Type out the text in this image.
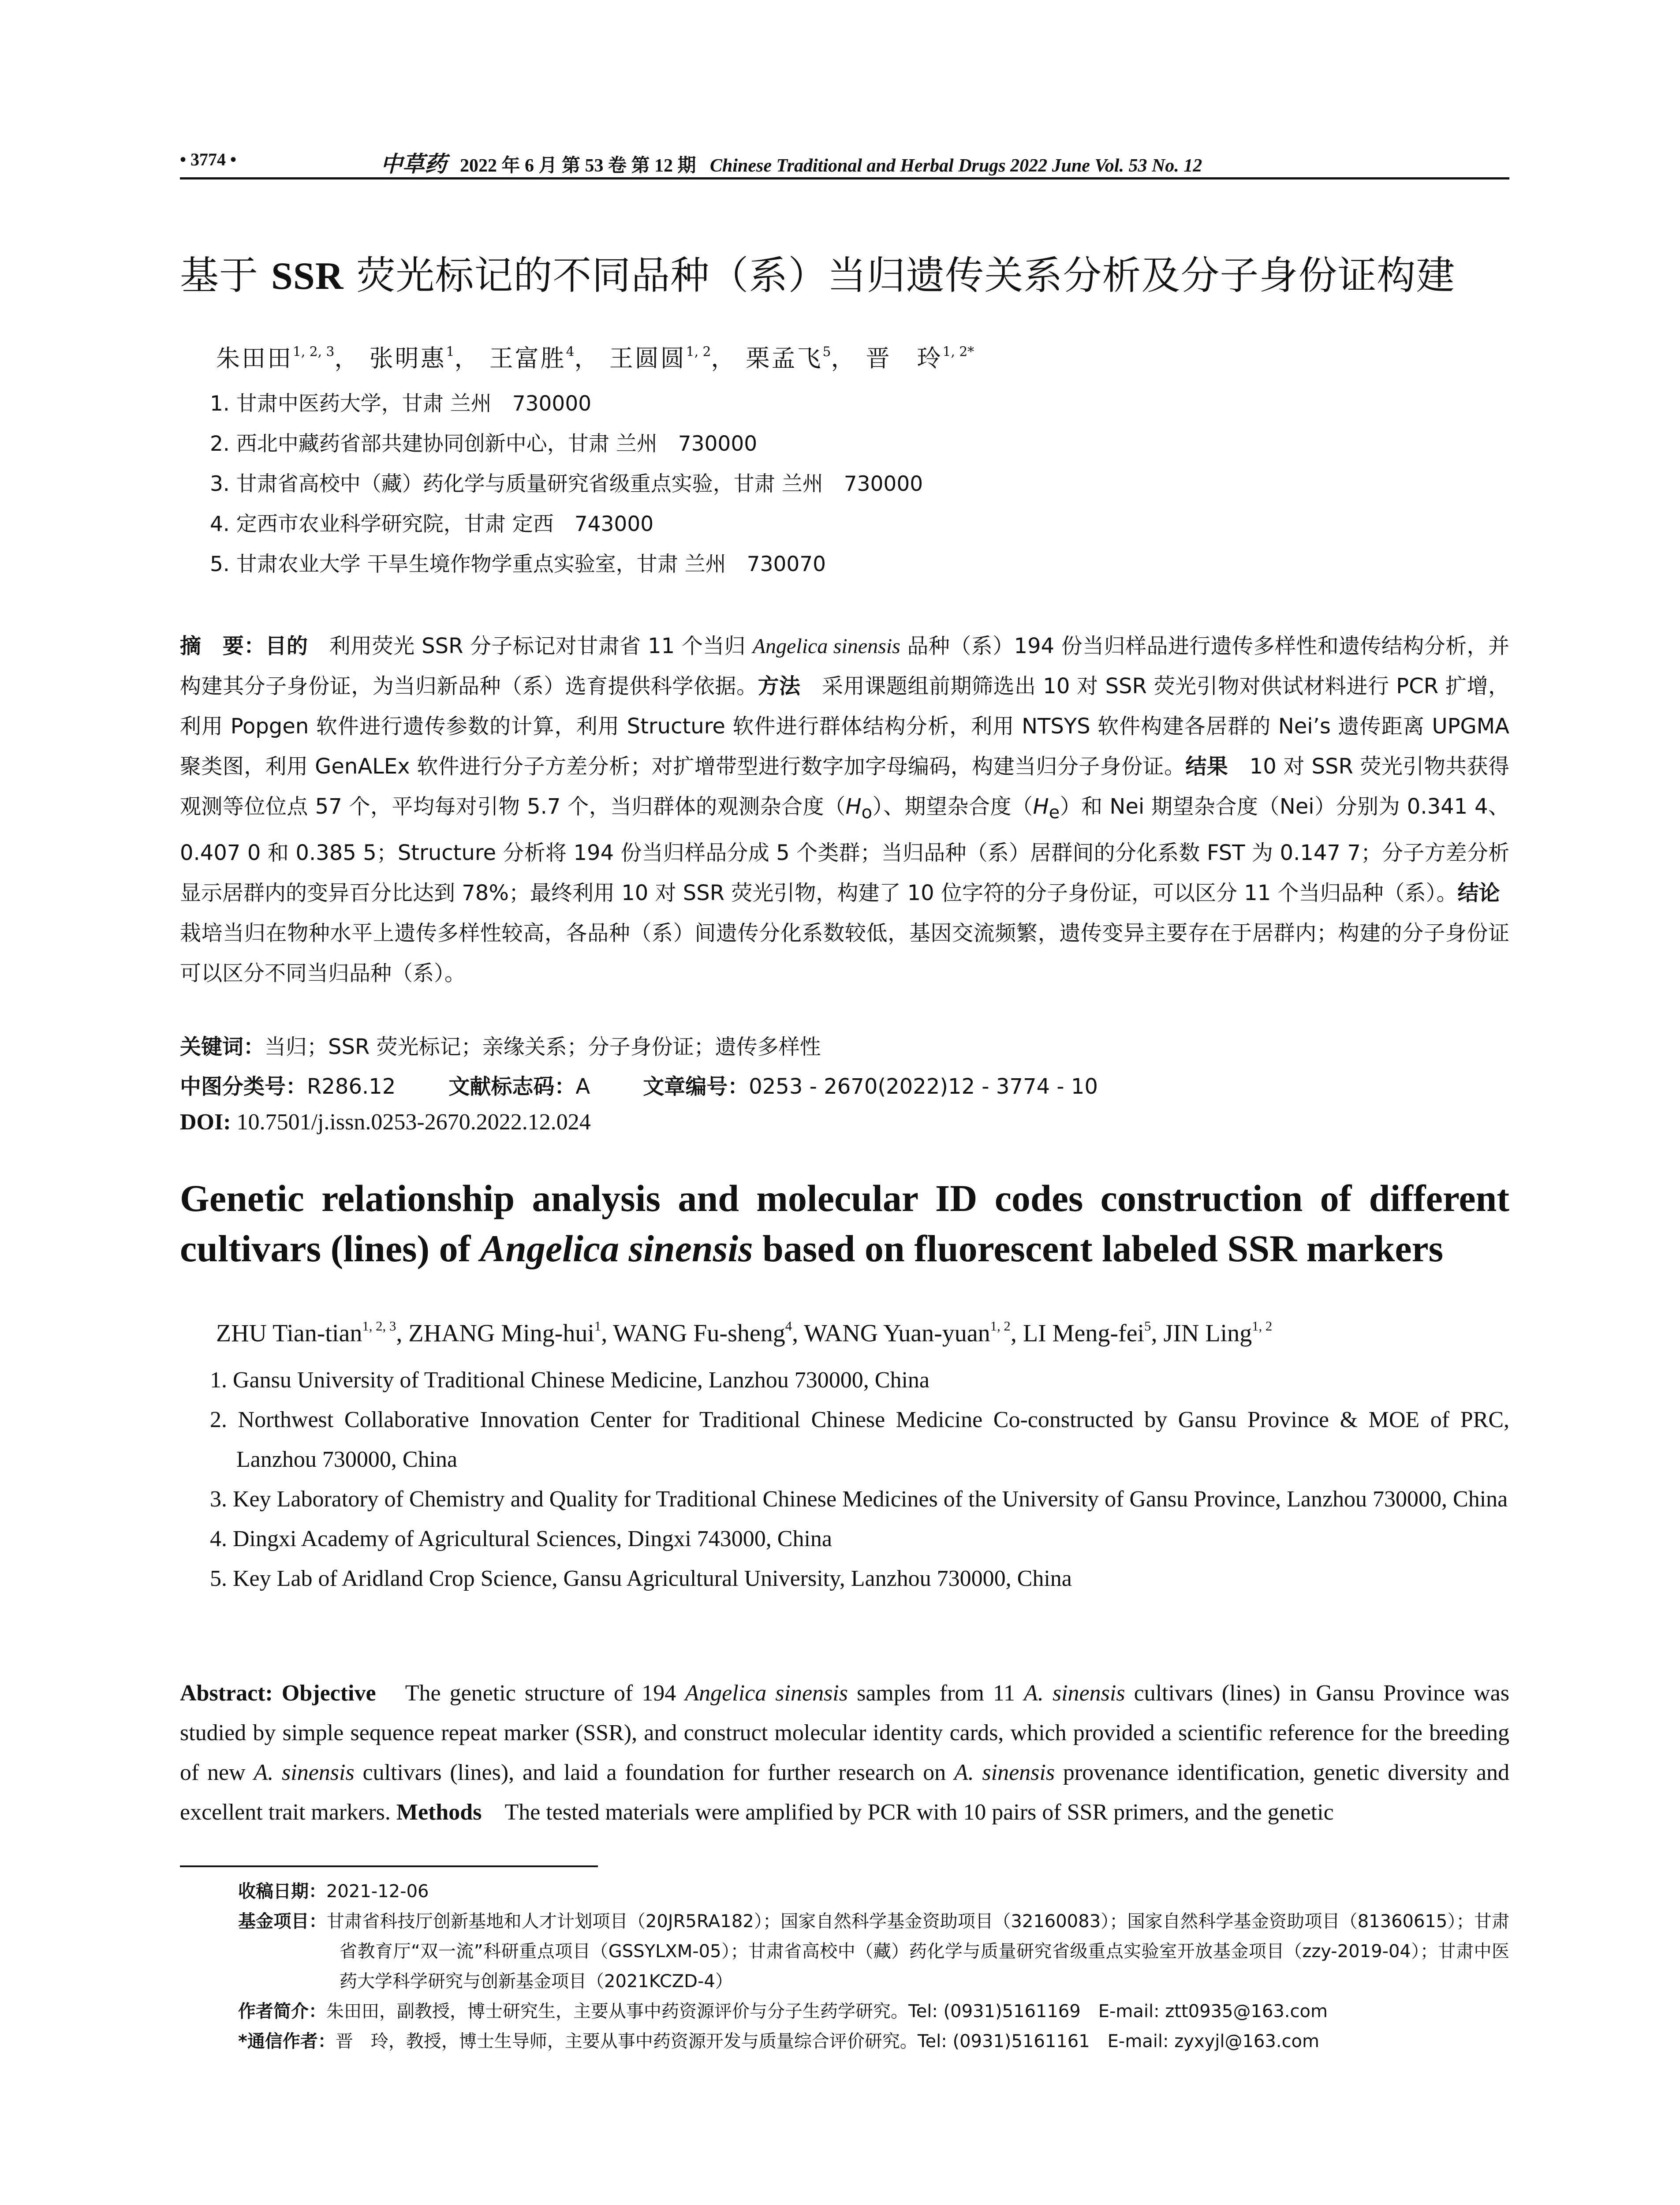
• 3774 •	中草药 2022 年 6 月 第 53 卷 第 12 期 Chinese Traditional and Herbal Drugs 2022 June Vol. 53 No. 12
基于 SSR 荧光标记的不同品种（系）当归遗传关系分析及分子身份证构建
朱田田$^{1, 2, 3}$， 张明惠$^1$， 王富胜$^4$， 王圆圆$^{1, 2}$， 栗孟飞$^5$， 晋　玲$^{1, 2*}$
1. 甘肃中医药大学，甘肃 兰州　730000
2. 西北中藏药省部共建协同创新中心，甘肃 兰州　730000
3. 甘肃省高校中（藏）药化学与质量研究省级重点实验，甘肃 兰州　730000
4. 定西市农业科学研究院，甘肃 定西　743000
5. 甘肃农业大学 干旱生境作物学重点实验室，甘肃 兰州　730070
摘　要：目的　利用荧光 SSR 分子标记对甘肃省 11 个当归 Angelica sinensis 品种（系）194 份当归样品进行遗传多样性和遗传结构分析，并构建其分子身份证，为当归新品种（系）选育提供科学依据。方法　采用课题组前期筛选出 10 对 SSR 荧光引物对供试材料进行 PCR 扩增，利用 Popgen 软件进行遗传参数的计算，利用 Structure 软件进行群体结构分析，利用 NTSYS 软件构建各居群的 Nei’s 遗传距离 UPGMA 聚类图，利用 GenALEx 软件进行分子方差分析；对扩增带型进行数字加字母编码，构建当归分子身份证。结果　10 对 SSR 荧光引物共获得观测等位位点 57 个，平均每对引物 5.7 个，当归群体的观测杂合度$(H_o)$、期望杂合度$(H_e)$和 Nei 期望杂合度（Nei）分别为 0.341 4、0.407 0 和 0.385 5；Structure 分析将 194 份当归样品分成 5 个类群；当归品种（系）居群间的分化系数 FST 为 0.147 7；分子方差分析显示居群内的变异百分比达到 78%；最终利用 10 对 SSR 荧光引物，构建了 10 位字符的分子身份证，可以区分 11 个当归品种（系）。结论　栽培当归在物种水平上遗传多样性较高，各品种（系）间遗传分化系数较低，基因交流频繁，遗传变异主要存在于居群内；构建的分子身份证可以区分不同当归品种（系）。
关键词：当归；SSR 荧光标记；亲缘关系；分子身份证；遗传多样性
中图分类号：R286.12	文献标志码：A	文章编号：0253 - 2670(2022)12 - 3774 - 10
DOI: 10.7501/j.issn.0253-2670.2022.12.024
Genetic relationship analysis and molecular ID codes construction of different cultivars (lines) of Angelica sinensis based on fluorescent labeled SSR markers
ZHU Tian-tian$^{1, 2, 3}$, ZHANG Ming-hui$^1$, WANG Fu-sheng$^4$, WANG Yuan-yuan$^{1, 2}$, LI Meng-fei$^5$, JIN Ling$^{1, 2}$
1. Gansu University of Traditional Chinese Medicine, Lanzhou 730000, China
2. Northwest Collaborative Innovation Center for Traditional Chinese Medicine Co-constructed by Gansu Province & MOE of PRC, Lanzhou 730000, China
3. Key Laboratory of Chemistry and Quality for Traditional Chinese Medicines of the University of Gansu Province, Lanzhou 730000, China
4. Dingxi Academy of Agricultural Sciences, Dingxi 743000, China
5. Key Lab of Aridland Crop Science, Gansu Agricultural University, Lanzhou 730000, China
Abstract: Objective　The genetic structure of 194 Angelica sinensis samples from 11 A. sinensis cultivars (lines) in Gansu Province was studied by simple sequence repeat marker (SSR), and construct molecular identity cards, which provided a scientific reference for the breeding of new A. sinensis cultivars (lines), and laid a foundation for further research on A. sinensis provenance identification, genetic diversity and excellent trait markers. Methods　The tested materials were amplified by PCR with 10 pairs of SSR primers, and the genetic
收稿日期：2021-12-06
基金项目：甘肃省科技厅创新基地和人才计划项目（20JR5RA182）；国家自然科学基金资助项目（32160083）；国家自然科学基金资助项目（81360615）；甘肃省教育厅“双一流”科研重点项目（GSSYLXM-05）；甘肃省高校中（藏）药化学与质量研究省级重点实验室开放基金项目（zzy-2019-04）；甘肃中医药大学科学研究与创新基金项目（2021KCZD-4）
作者简介：朱田田，副教授，博士研究生，主要从事中药资源评价与分子生药学研究。Tel: (0931)5161169　E-mail: ztt0935@163.com
*通信作者：晋　玲，教授，博士生导师，主要从事中药资源开发与质量综合评价研究。Tel: (0931)5161161　E-mail: zyxyjl@163.com
